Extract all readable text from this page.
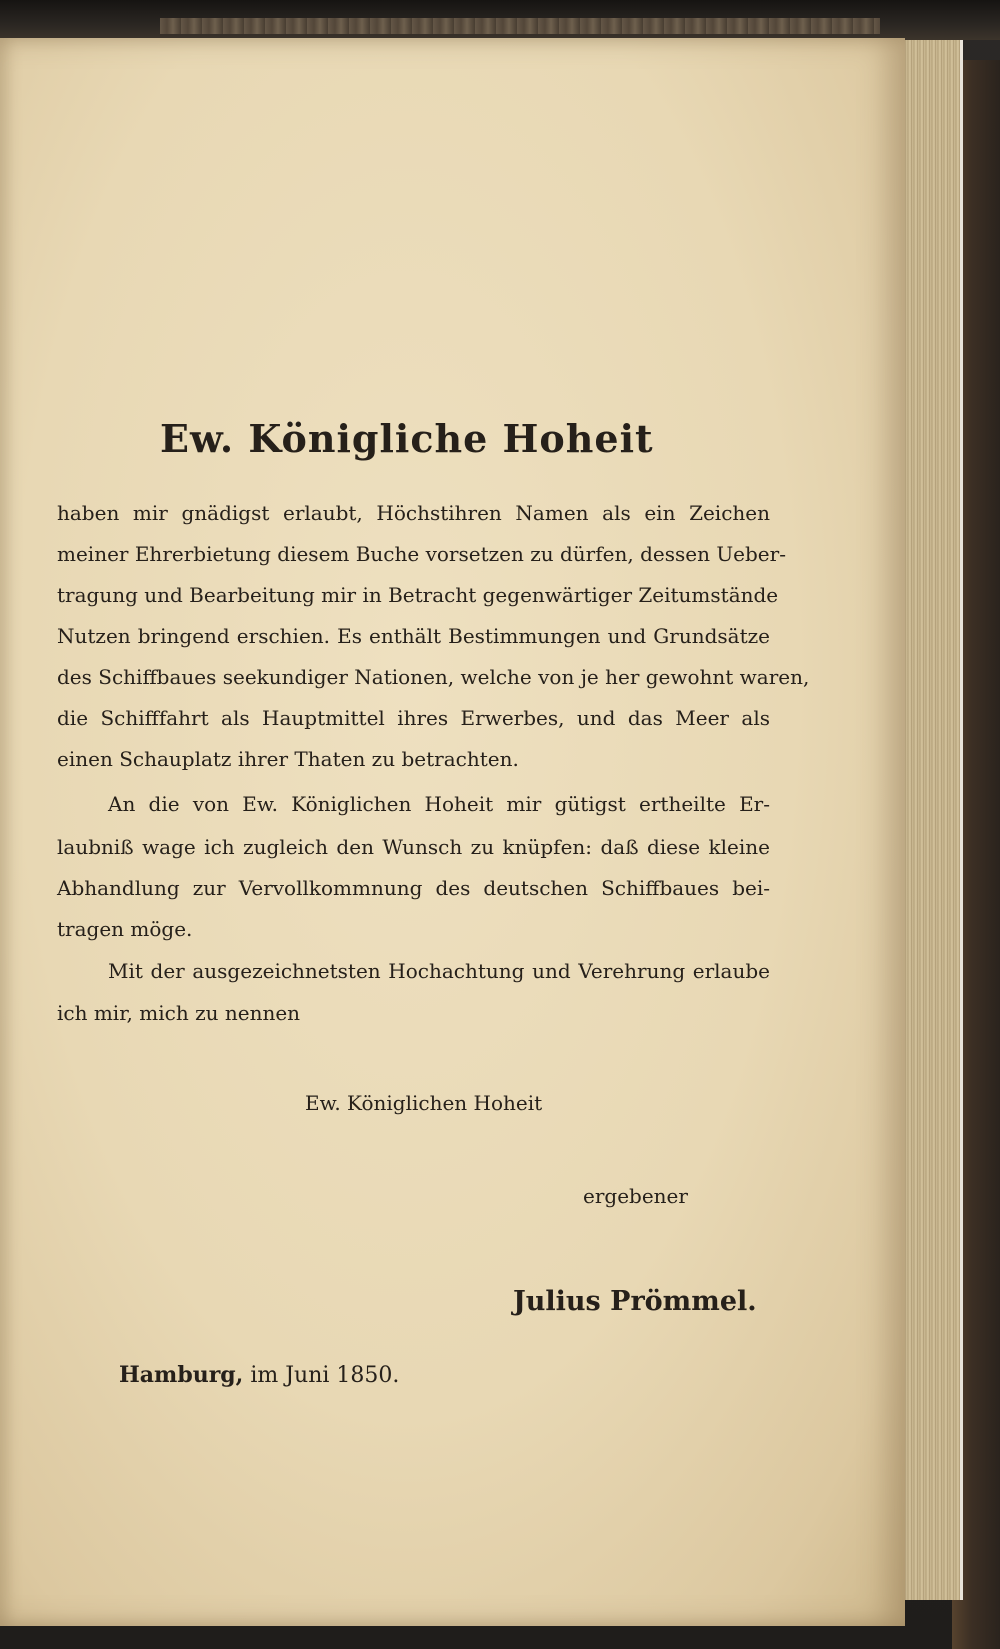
Ew. Königliche Hoheit

haben mir gnädigst erlaubt, Höchstihren Namen als ein Zeichen

meiner Ehrerbietung diesem Buche vorsetzen zu dürfen, dessen Ueber-

tragung und Bearbeitung mir in Betracht gegenwärtiger Zeitumstände

Nutzen bringend erschien. Es enthält Bestimmungen und Grundsätze

des Schiffbaues seekundiger Nationen, welche von je her gewohnt waren,

die Schifffahrt als Hauptmittel ihres Erwerbes, und das Meer als

einen Schauplatz ihrer Thaten zu betrachten.

An die von Ew. Königlichen Hoheit mir gütigst ertheilte Er-

laubniß wage ich zugleich den Wunsch zu knüpfen: daß diese kleine

Abhandlung zur Vervollkommnung des deutschen Schiffbaues bei-

tragen möge.

Mit der ausgezeichnetsten Hochachtung und Verehrung erlaube

ich mir, mich zu nennen

Ew. Königlichen Hoheit

ergebener

Julius Prömmel.

Hamburg, im Juni 1850.
